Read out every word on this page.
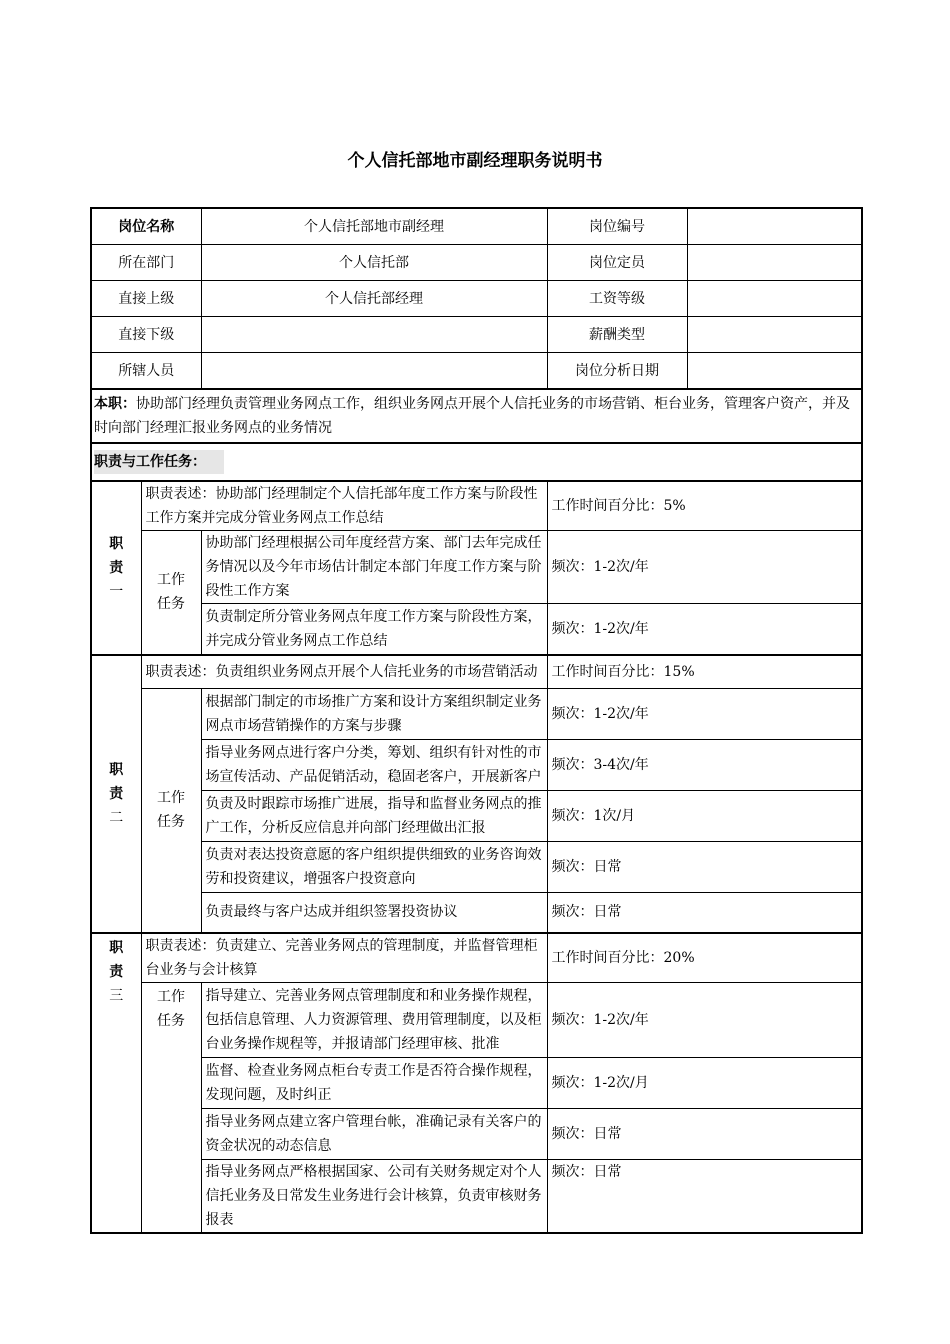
个人信托部地市副经理职务说明书
岗位名称		个人信托部地市副经理	岗位编号	
所在部门		个人信托部	岗位定员	
直接上级		个人信托部经理	工资等级	
直接下级			薪酬类型	
所辖人员			岗位分析日期	
本职：协助部门经理负责管理业务网点工作，组织业务网点开展个人信托业务的市场营销、柜台业务，管理客户资产，并及时向部门经理汇报业务网点的业务情况				
职责与工作任务：				

职
责
一	职责表述：协助部门经理制定个人信托部年度工作方案与阶段性工作方案并完成分管业务网点工作总结		工作时间百分比：5%	

	工作
任务	协助部门经理根据公司年度经营方案、部门去年完成任务情况以及今年市场估计制定本部门年度工作方案与阶段性工作方案	频次：1-2次/年	
		负责制定所分管业务网点年度工作方案与阶段性方案，并完成分管业务网点工作总结	频次：1-2次/年	

职
责
二	职责表述：负责组织业务网点开展个人信托业务的市场营销活动		工作时间百分比：15%	

	工作
任务	根据部门制定的市场推广方案和设计方案组织制定业务网点市场营销操作的方案与步骤	频次：1-2次/年	
		指导业务网点进行客户分类，筹划、组织有针对性的市场宣传活动、产品促销活动，稳固老客户，开展新客户	频次：3-4次/年	
		负责及时跟踪市场推广进展，指导和监督业务网点的推广工作，分析反应信息并向部门经理做出汇报	频次：1次/月	
		负责对表达投资意愿的客户组织提供细致的业务咨询效劳和投资建议，增强客户投资意向	频次：日常	
		负责最终与客户达成并组织签署投资协议	频次：日常	

职
责
三	职责表述：负责建立、完善业务网点的管理制度，并监督管理柜台业务与会计核算		工作时间百分比：20%	

	工作
任务	指导建立、完善业务网点管理制度和和业务操作规程，包括信息管理、人力资源管理、费用管理制度，以及柜台业务操作规程等，并报请部门经理审核、批准	频次：1-2次/年	
		监督、检查业务网点柜台专责工作是否符合操作规程，发现问题，及时纠正	频次：1-2次/月	
		指导业务网点建立客户管理台帐，准确记录有关客户的资金状况的动态信息	频次：日常	
		指导业务网点严格根据国家、公司有关财务规定对个人信托业务及日常发生业务进行会计核算，负责审核财务报表	频次：日常	
